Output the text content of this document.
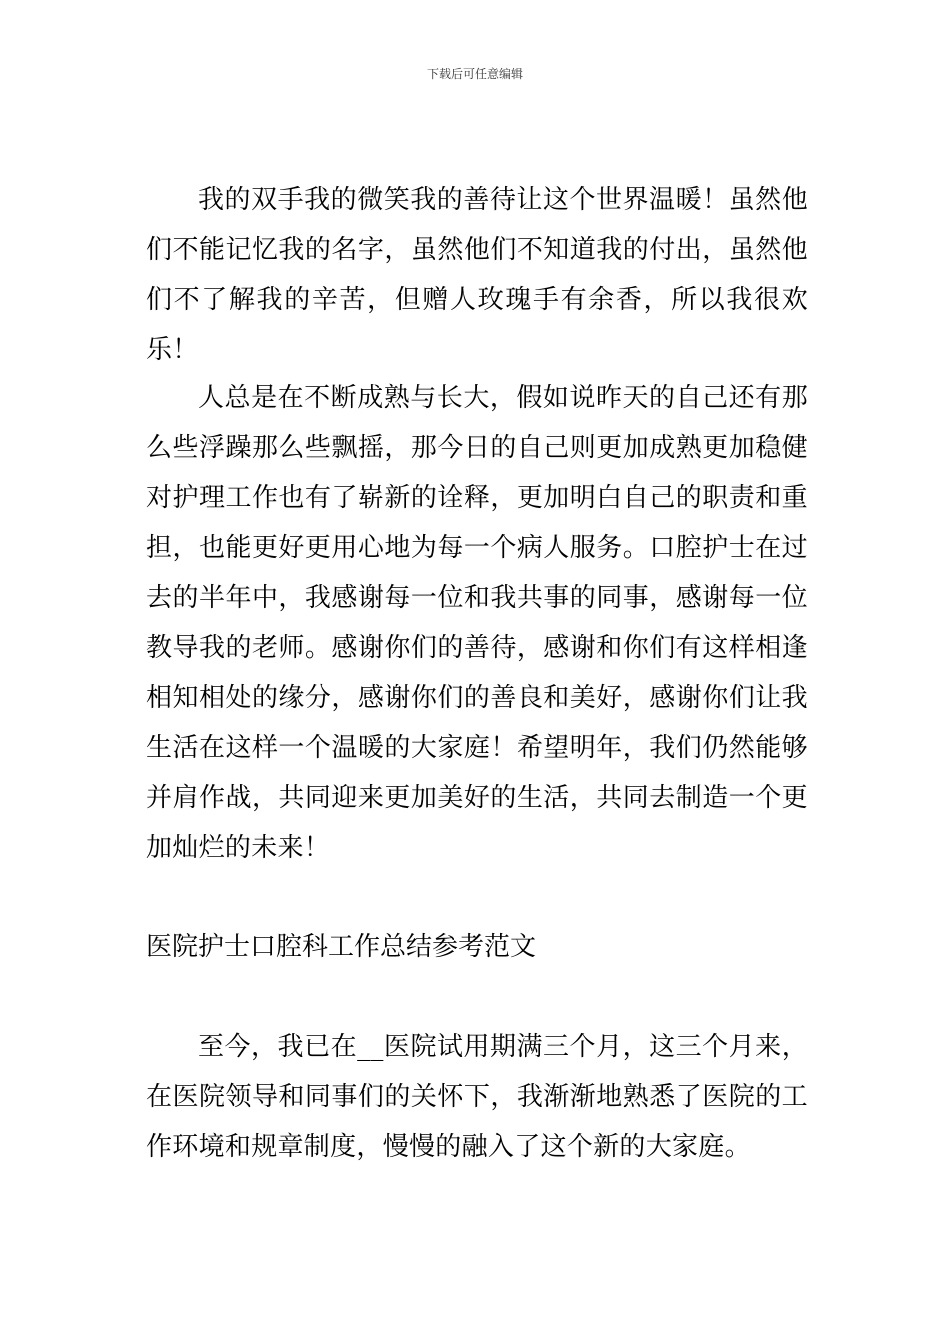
下载后可任意编辑

我的双手我的微笑我的善待让这个世界温暖！虽然他们不能记忆我的名字，虽然他们不知道我的付出，虽然他们不了解我的辛苦，但赠人玫瑰手有余香，所以我很欢乐！

人总是在不断成熟与长大，假如说昨天的自己还有那么些浮躁那么些飘摇，那今日的自己则更加成熟更加稳健对护理工作也有了崭新的诠释，更加明白自己的职责和重担，也能更好更用心地为每一个病人服务。口腔护士在过去的半年中，我感谢每一位和我共事的同事，感谢每一位教导我的老师。感谢你们的善待，感谢和你们有这样相逢相知相处的缘分，感谢你们的善良和美好，感谢你们让我生活在这样一个温暖的大家庭！希望明年，我们仍然能够并肩作战，共同迎来更加美好的生活，共同去制造一个更加灿烂的未来！

医院护士口腔科工作总结参考范文

至今，我已在__医院试用期满三个月，这三个月来，在医院领导和同事们的关怀下，我渐渐地熟悉了医院的工作环境和规章制度，慢慢的融入了这个新的大家庭。
